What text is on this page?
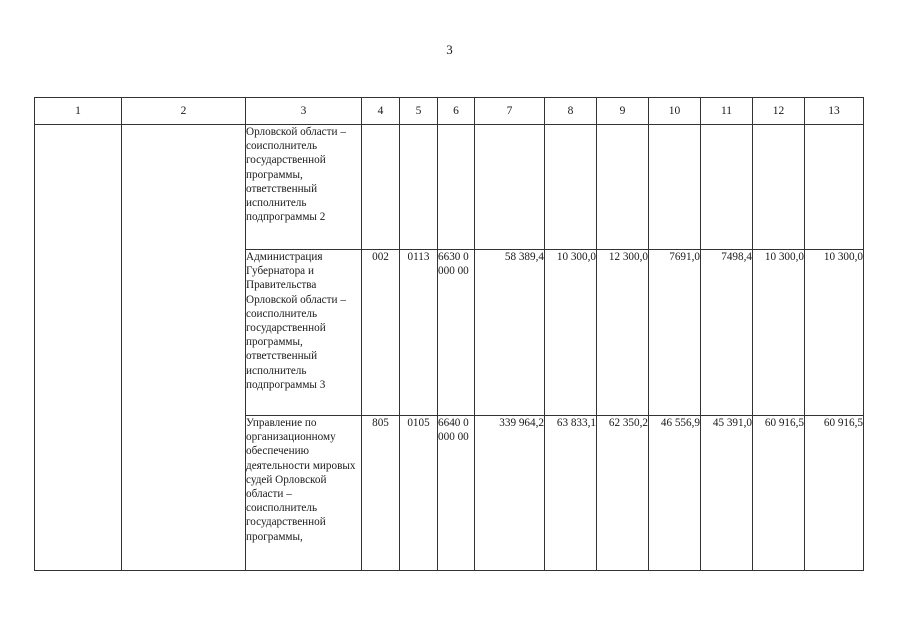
3
1	2	3	4	5	6	7	8	9	10	11	12	13
		Орловской области – соисполнитель государственной программы, ответственный исполнитель подпрограммы 2										
		Администрация Губернатора и Правительства Орловской области – соисполнитель государственной программы, ответственный исполнитель подпрограммы 3	002	0113	6630 0000 00	58 389,4	10 300,0	12 300,0	7691,0	7498,4	10 300,0	10 300,0
		Управление по организационному обеспечению деятельности мировых судей Орловской области – соисполнитель государственной программы,	805	0105	6640 0000 00	339 964,2	63 833,1	62 350,2	46 556,9	45 391,0	60 916,5	60 916,5
